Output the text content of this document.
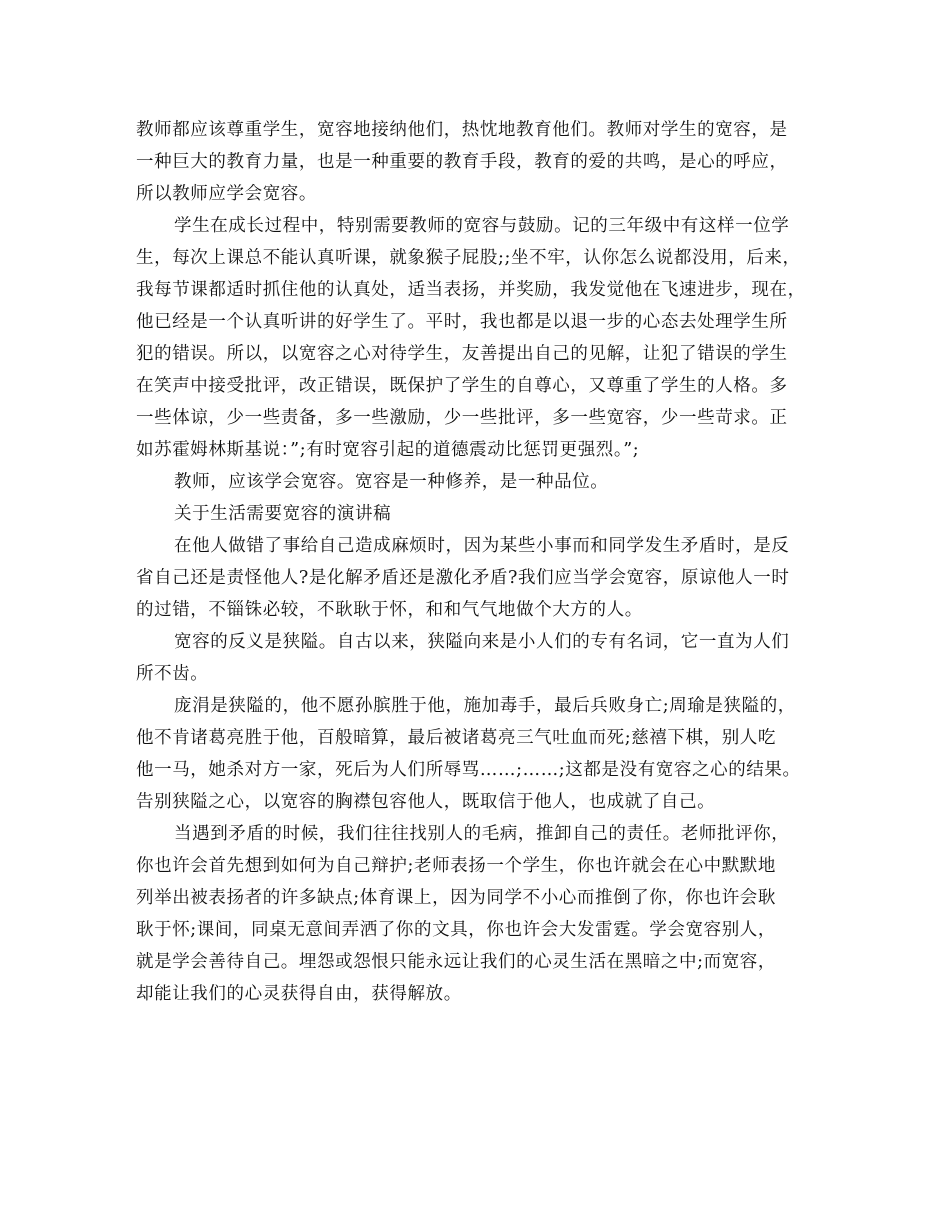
教师都应该尊重学生，宽容地接纳他们，热忱地教育他们。教师对学生的宽容，是
一种巨大的教育力量，也是一种重要的教育手段，教育的爱的共鸣，是心的呼应，
所以教师应学会宽容。
学生在成长过程中，特别需要教师的宽容与鼓励。记的三年级中有这样一位学
生，每次上课总不能认真听课，就象猴子屁股;;坐不牢，认你怎么说都没用，后来，
我每节课都适时抓住他的认真处，适当表扬，并奖励，我发觉他在飞速进步，现在，
他已经是一个认真听讲的好学生了。平时，我也都是以退一步的心态去处理学生所
犯的错误。所以，以宽容之心对待学生，友善提出自己的见解，让犯了错误的学生
在笑声中接受批评，改正错误，既保护了学生的自尊心，又尊重了学生的人格。多
一些体谅，少一些责备，多一些激励，少一些批评，多一些宽容，少一些苛求。正
如苏霍姆林斯基说：”;有时宽容引起的道德震动比惩罚更强烈。”;
教师，应该学会宽容。宽容是一种修养，是一种品位。
关于生活需要宽容的演讲稿
在他人做错了事给自己造成麻烦时，因为某些小事而和同学发生矛盾时，是反
省自己还是责怪他人?是化解矛盾还是激化矛盾?我们应当学会宽容，原谅他人一时
的过错，不锱铢必较，不耿耿于怀，和和气气地做个大方的人。
宽容的反义是狭隘。自古以来，狭隘向来是小人们的专有名词，它一直为人们
所不齿。
庞涓是狭隘的，他不愿孙膑胜于他，施加毒手，最后兵败身亡;周瑜是狭隘的，
他不肯诸葛亮胜于他，百般暗算，最后被诸葛亮三气吐血而死;慈禧下棋，别人吃
他一马，她杀对方一家，死后为人们所辱骂……;……;这都是没有宽容之心的结果。
告别狭隘之心，以宽容的胸襟包容他人，既取信于他人，也成就了自己。
当遇到矛盾的时候，我们往往找别人的毛病，推卸自己的责任。老师批评你，
你也许会首先想到如何为自己辩护;老师表扬一个学生，你也许就会在心中默默地
列举出被表扬者的许多缺点;体育课上，因为同学不小心而推倒了你，你也许会耿
耿于怀;课间，同桌无意间弄洒了你的文具，你也许会大发雷霆。学会宽容别人，
就是学会善待自己。埋怨或怨恨只能永远让我们的心灵生活在黑暗之中;而宽容，
却能让我们的心灵获得自由，获得解放。
